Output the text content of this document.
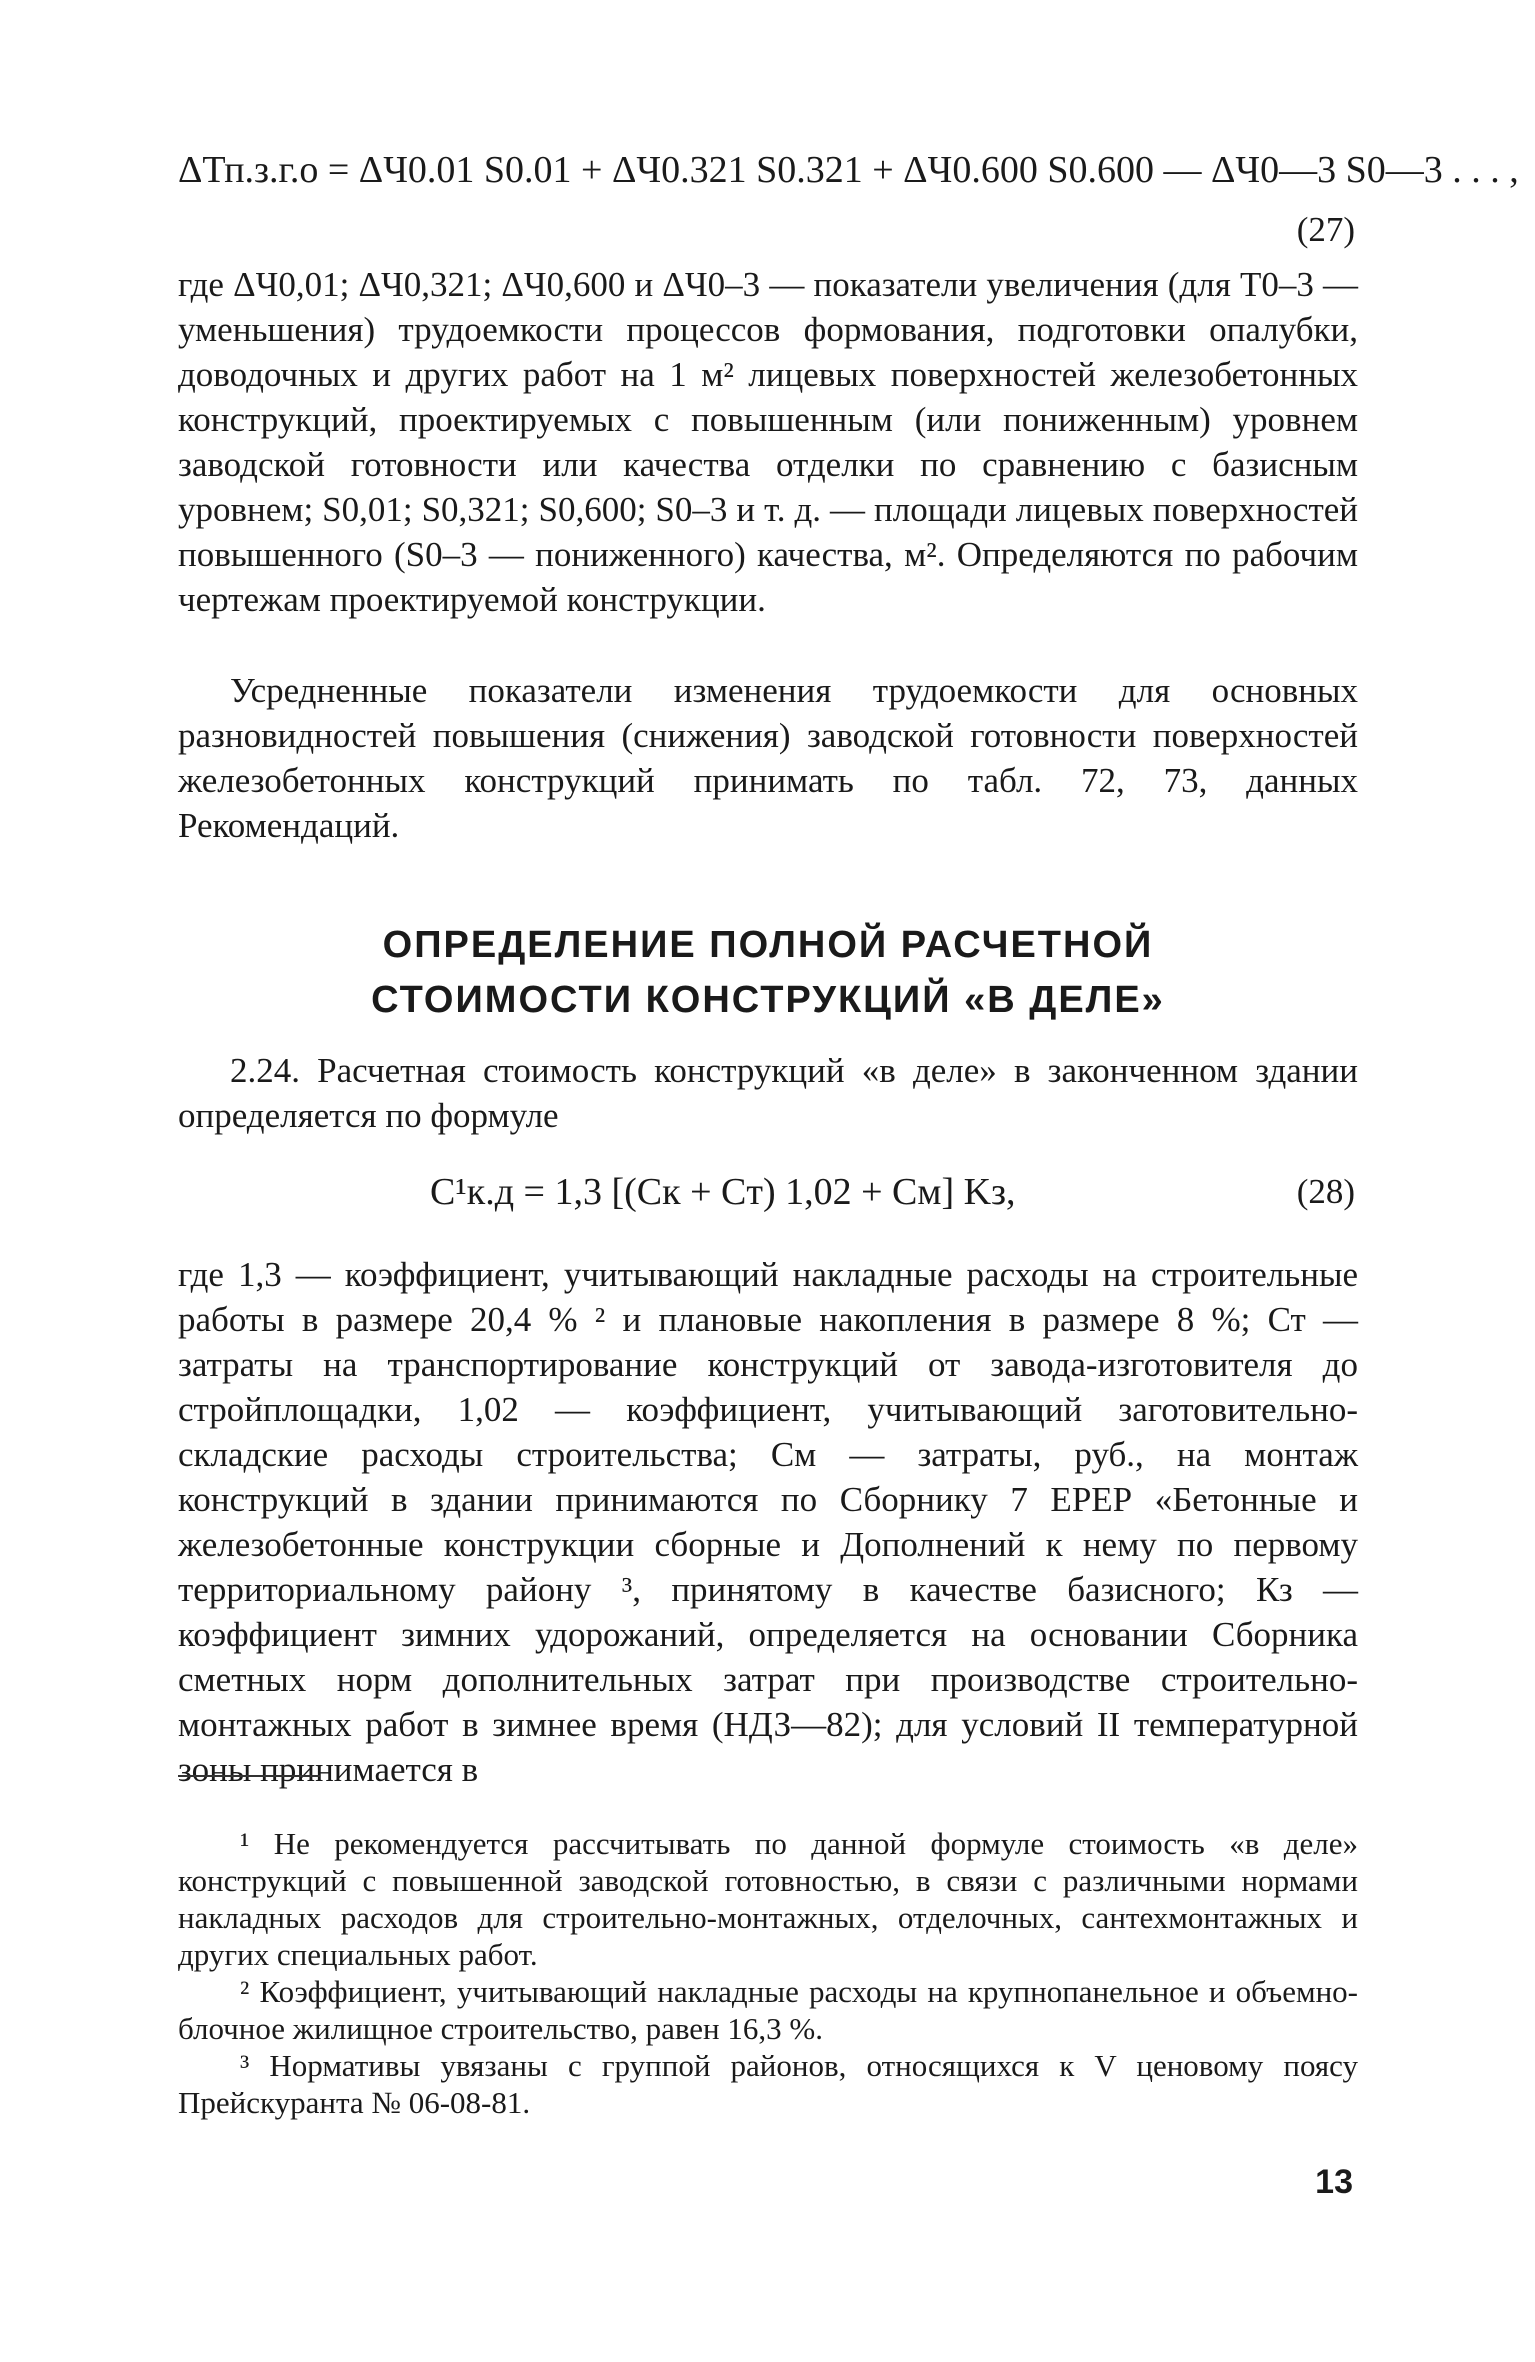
ΔТп.з.г.о = ΔЧ0.01 S0.01 + ΔЧ0.321 S0.321 + ΔЧ0.600 S0.600 — ΔЧ0—3 S0—3 . . . ,
(27)

где ΔЧ0,01; ΔЧ0,321; ΔЧ0,600 и ΔЧ0–3 — показатели увеличения (для Т0–3 — уменьшения) трудоемкости процессов формования, подготовки опалубки, доводочных и других работ на 1 м² лицевых поверхностей железобетонных конструкций, проектируемых с повышенным (или пониженным) уровнем заводской готовности или качества отделки по сравнению с базисным уровнем; S0,01; S0,321; S0,600; S0–3 и т. д. — площади лицевых поверхностей повышенного (S0–3 — пониженного) качества, м². Определяются по рабочим чертежам проектируемой конструкции.

Усредненные показатели изменения трудоемкости для основных разновидностей повышения (снижения) заводской готовности поверхностей железобетонных конструкций принимать по табл. 72, 73, данных Рекомендаций.

ОПРЕДЕЛЕНИЕ ПОЛНОЙ РАСЧЕТНОЙ
СТОИМОСТИ КОНСТРУКЦИЙ «В ДЕЛЕ»

2.24. Расчетная стоимость конструкций «в деле» в законченном здании определяется по формуле

C¹к.д = 1,3 [(Cк + Cт) 1,02 + Cм] Kз,	(28)

где 1,3 — коэффициент, учитывающий накладные расходы на строительные работы в размере 20,4 % ² и плановые накопления в размере 8 %; Ст — затраты на транспортирование конструкций от завода-изготовителя до стройплощадки, 1,02 — коэффициент, учитывающий заготовительно-складские расходы строительства; См — затраты, руб., на монтаж конструкций в здании принимаются по Сборнику 7 ЕРЕР «Бетонные и железобетонные конструкции сборные и Дополнений к нему по первому территориальному району ³, принятому в качестве базисного; Кз — коэффициент зимних удорожаний, определяется на основании Сборника сметных норм дополнительных затрат при производстве строительно-монтажных работ в зимнее время (НДЗ—82); для условий II температурной зоны принимается в

¹ Не рекомендуется рассчитывать по данной формуле стоимость «в деле» конструкций с повышенной заводской готовностью, в связи с различными нормами накладных расходов для строительно-монтажных, отделочных, сантехмонтажных и других специальных работ.

² Коэффициент, учитывающий накладные расходы на крупнопанельное и объемно-блочное жилищное строительство, равен 16,3 %.

³ Нормативы увязаны с группой районов, относящихся к V ценовому поясу Прейскуранта № 06-08-81.

13
